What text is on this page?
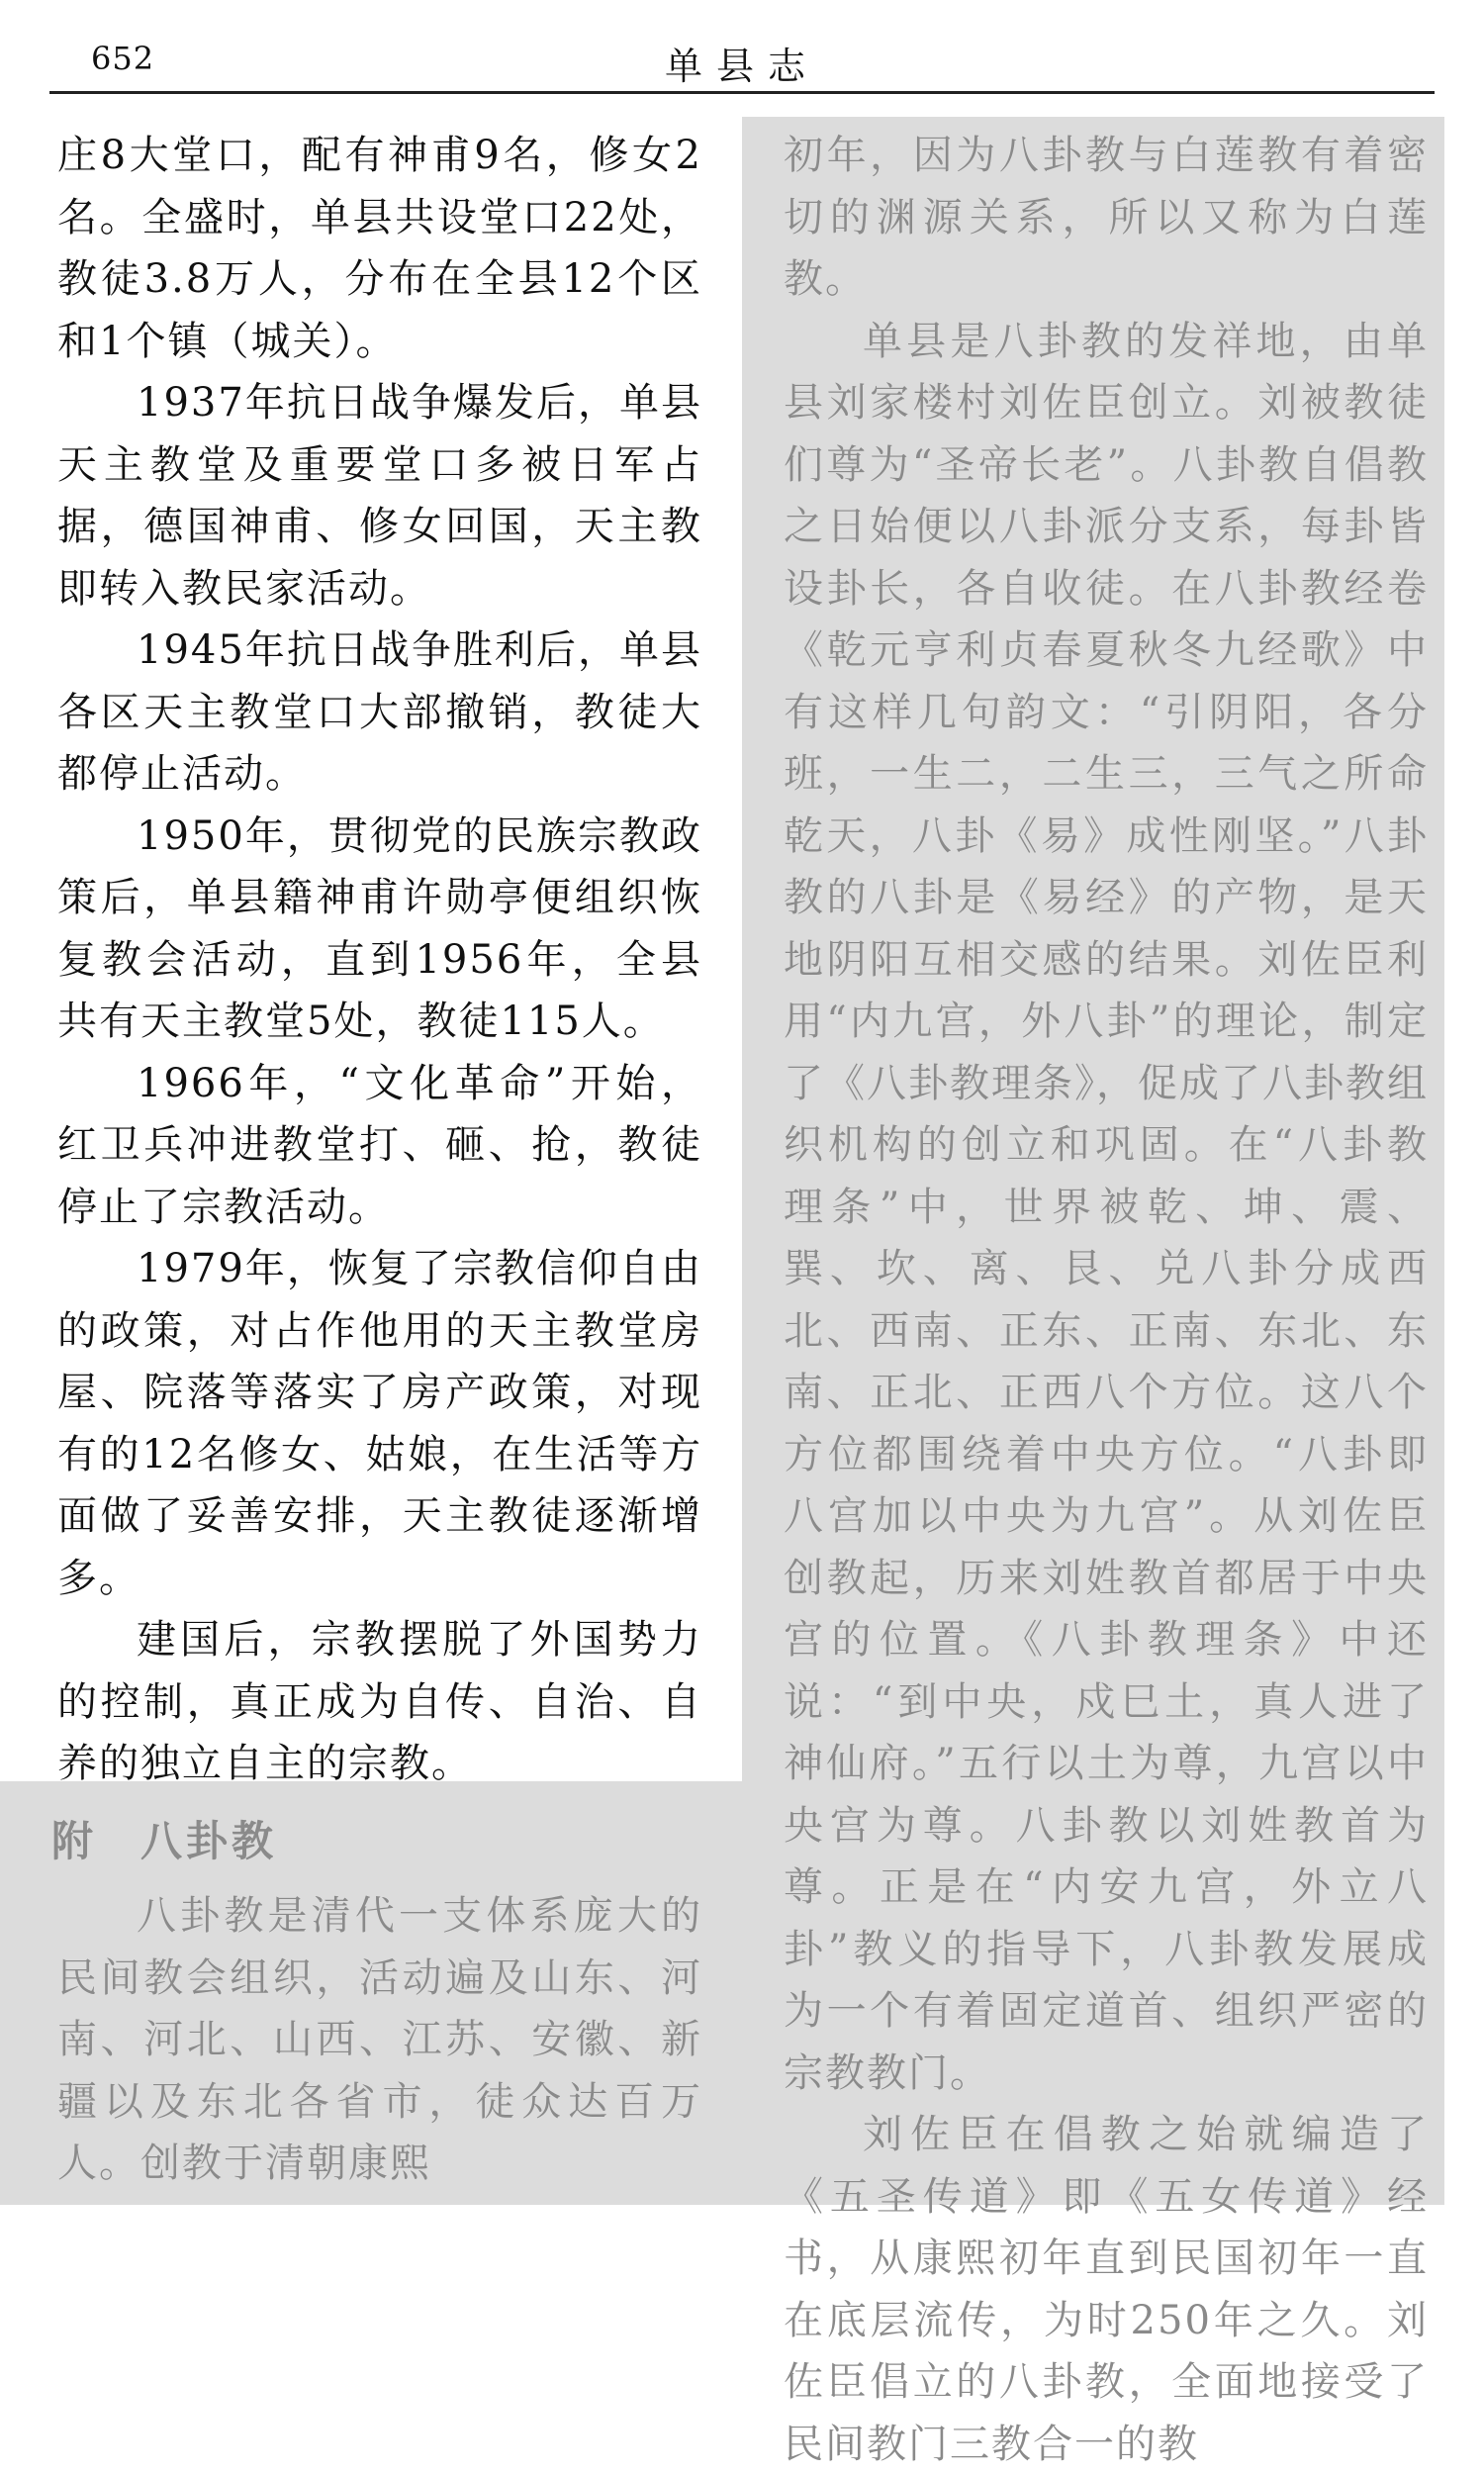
652	单县志

庄8大堂口，配有神甫9名，修女2名。全盛时，单县共设堂口22处，教徒3.8万人，分布在全县12个区和1个镇（城关）。

1937年抗日战争爆发后，单县天主教堂及重要堂口多被日军占据，德国神甫、修女回国，天主教即转入教民家活动。

1945年抗日战争胜利后，单县各区天主教堂口大部撤销，教徒大都停止活动。

1950年，贯彻党的民族宗教政策后，单县籍神甫许勋亭便组织恢复教会活动，直到1956年，全县共有天主教堂5处，教徒115人。

1966年，“文化革命”开始，红卫兵冲进教堂打、砸、抢，教徒停止了宗教活动。

1979年，恢复了宗教信仰自由的政策，对占作他用的天主教堂房屋、院落等落实了房产政策，对现有的12名修女、姑娘，在生活等方面做了妥善安排，天主教徒逐渐增多。

建国后，宗教摆脱了外国势力的控制，真正成为自传、自治、自养的独立自主的宗教。

附 八卦教

八卦教是清代一支体系庞大的民间教会组织，活动遍及山东、河南、河北、山西、江苏、安徽、新疆以及东北各省市，徒众达百万人。创教于清朝康熙

初年，因为八卦教与白莲教有着密切的渊源关系，所以又称为白莲教。

单县是八卦教的发祥地，由单县刘家楼村刘佐臣创立。刘被教徒们尊为“圣帝长老”。八卦教自倡教之日始便以八卦派分支系，每卦皆设卦长，各自收徒。在八卦教经卷《乾元亨利贞春夏秋冬九经歌》中有这样几句韵文：“引阴阳，各分班，一生二，二生三，三气之所命乾天，八卦《易》成性刚坚。”八卦教的八卦是《易经》的产物，是天地阴阳互相交感的结果。刘佐臣利用“内九宫，外八卦”的理论，制定了《八卦教理条》，促成了八卦教组织机构的创立和巩固。在“八卦教理条”中，世界被乾、坤、震、巽、坎、离、艮、兑八卦分成西北、西南、正东、正南、东北、东南、正北、正西八个方位。这八个方位都围绕着中央方位。“八卦即八宫加以中央为九宫”。从刘佐臣创教起，历来刘姓教首都居于中央宫的位置。《八卦教理条》中还说：“到中央，戍巳土，真人进了神仙府。”五行以土为尊，九宫以中央宫为尊。八卦教以刘姓教首为尊。正是在“内安九宫，外立八卦”教义的指导下，八卦教发展成为一个有着固定道首、组织严密的宗教教门。

刘佐臣在倡教之始就编造了《五圣传道》即《五女传道》经书，从康熙初年直到民国初年一直在底层流传，为时250年之久。刘佐臣倡立的八卦教，全面地接受了民间教门三教合一的教
